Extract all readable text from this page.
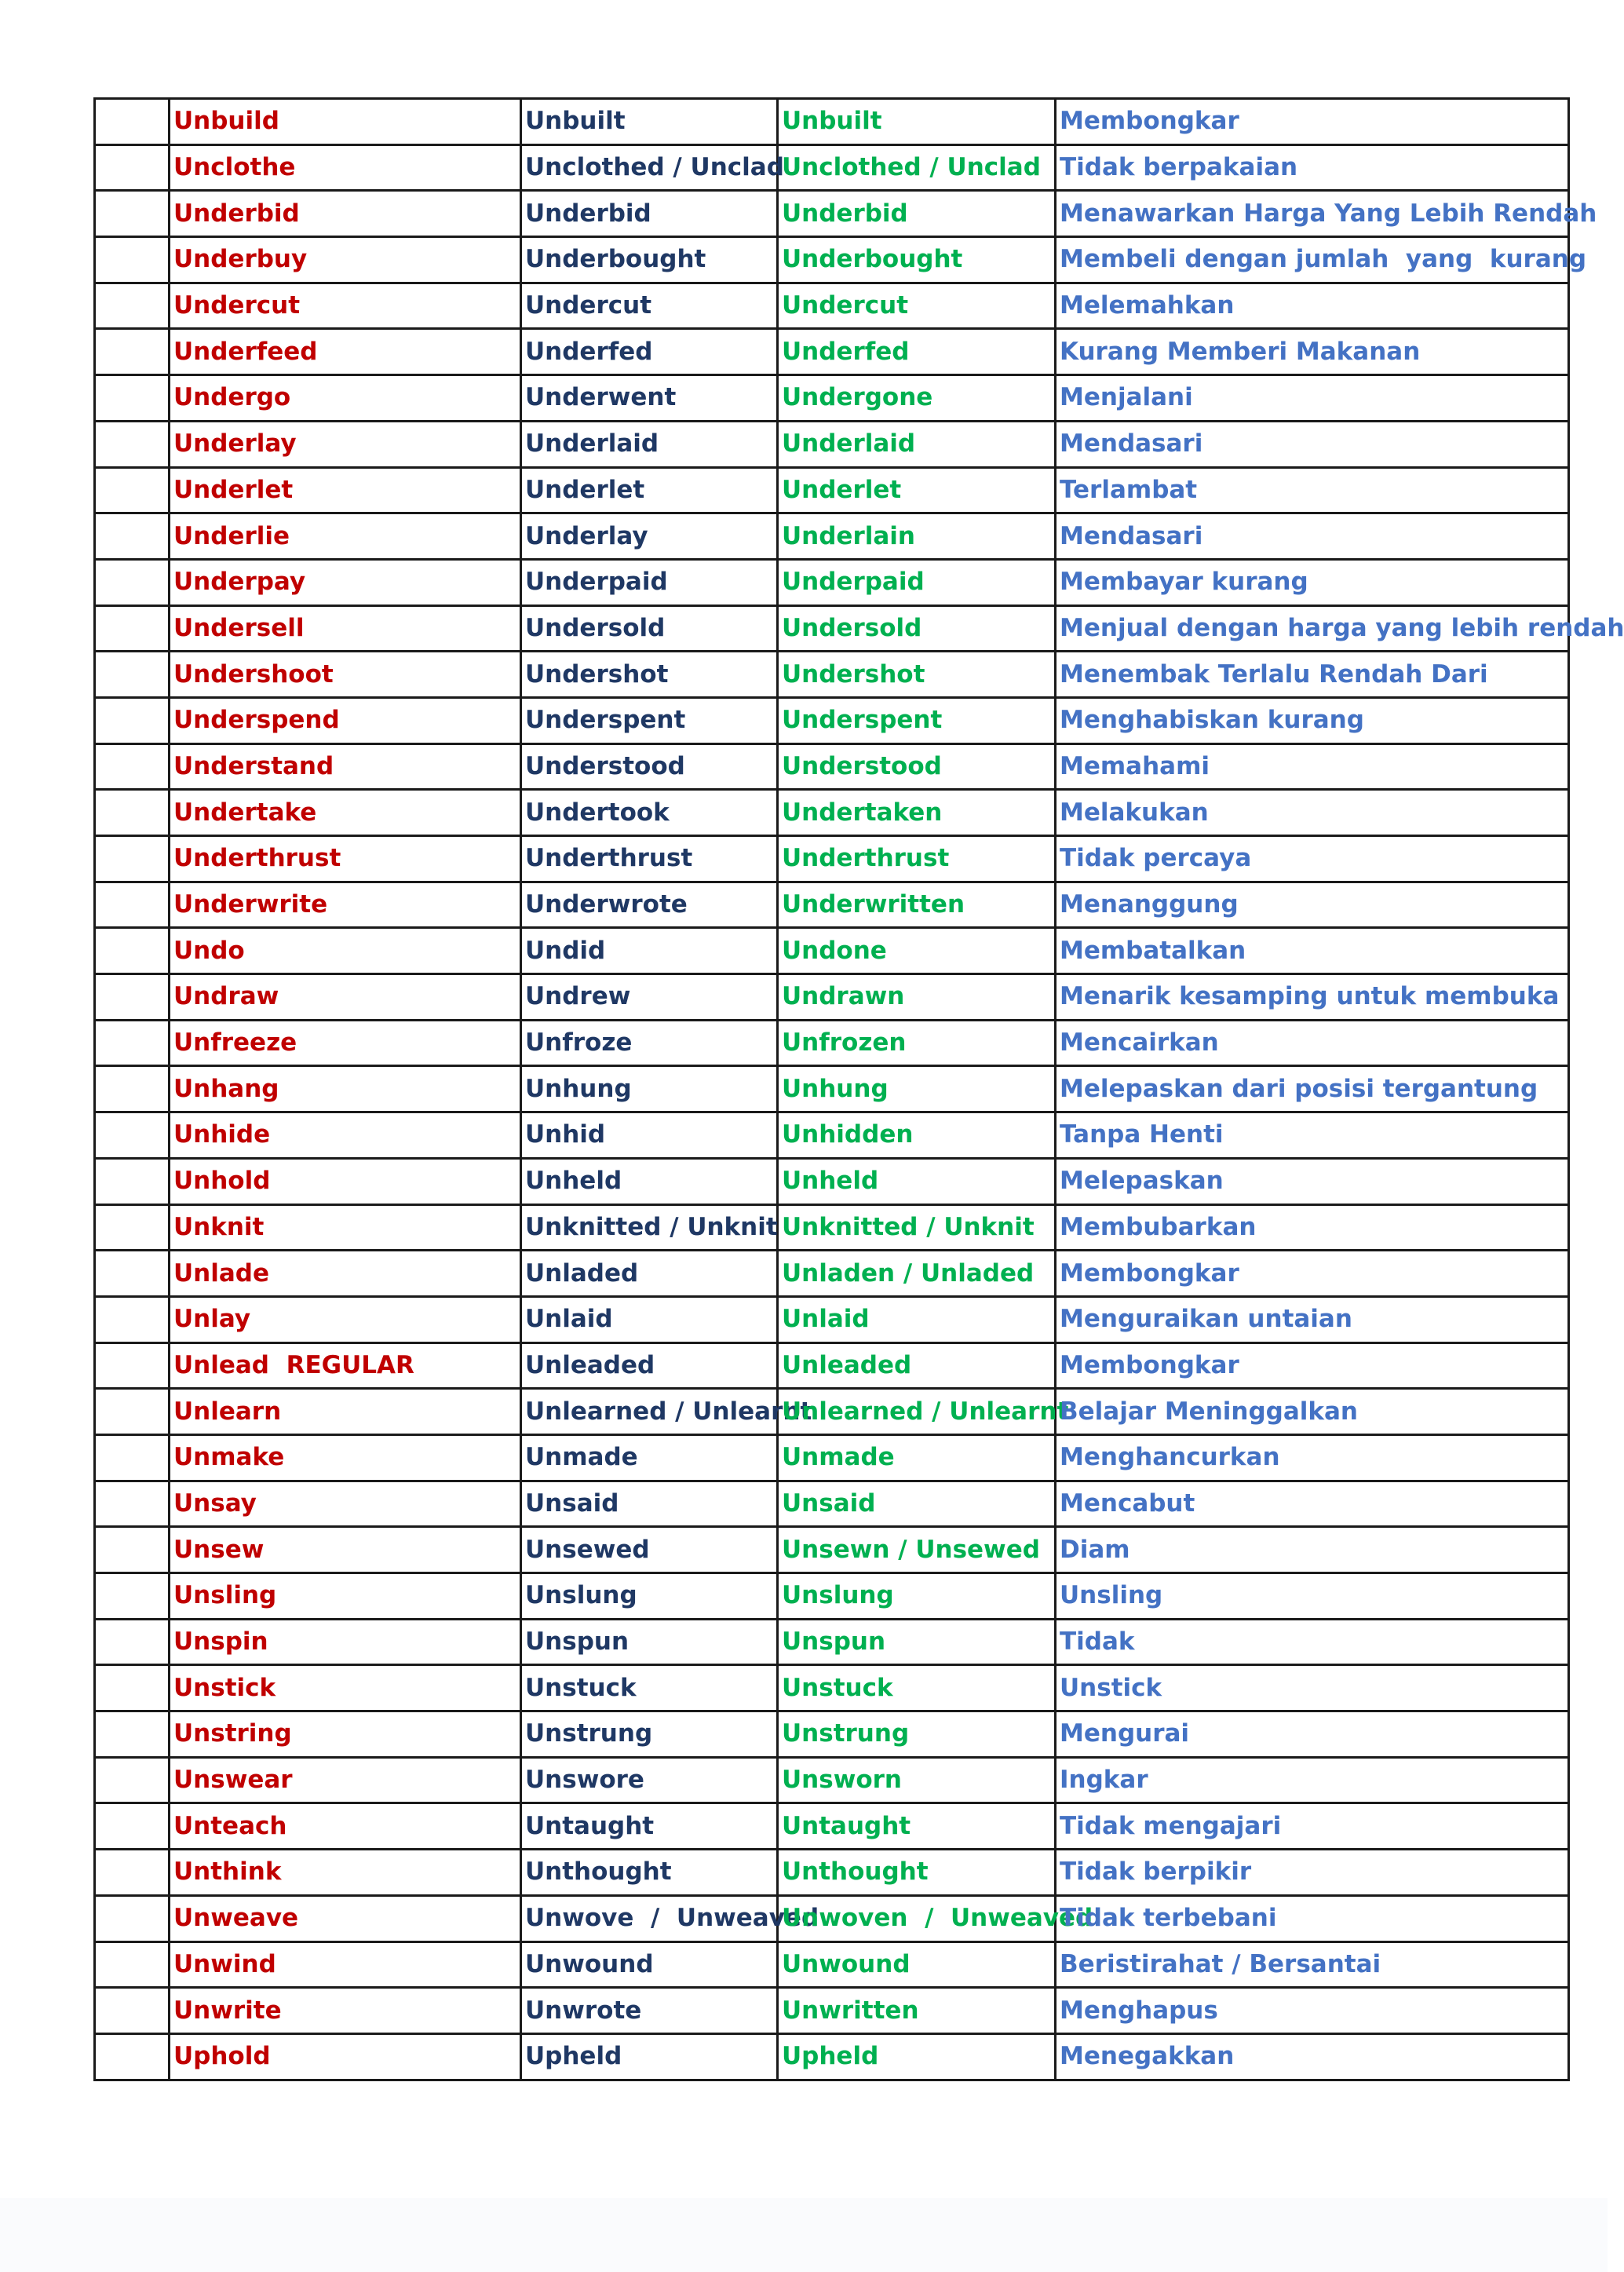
	Unbuild	Unbuilt	Unbuilt	Membongkar
	Unclothe	Unclothed / Unclad	Unclothed / Unclad	Tidak berpakaian
	Underbid	Underbid	Underbid	Menawarkan Harga Yang Lebih Rendah
	Underbuy	Underbought	Underbought	Membeli dengan jumlah  yang  kurang
	Undercut	Undercut	Undercut	Melemahkan
	Underfeed	Underfed	Underfed	Kurang Memberi Makanan
	Undergo	Underwent	Undergone	Menjalani
	Underlay	Underlaid	Underlaid	Mendasari
	Underlet	Underlet	Underlet	Terlambat
	Underlie	Underlay	Underlain	Mendasari
	Underpay	Underpaid	Underpaid	Membayar kurang
	Undersell	Undersold	Undersold	Menjual dengan harga yang lebih rendah
	Undershoot	Undershot	Undershot	Menembak Terlalu Rendah Dari
	Underspend	Underspent	Underspent	Menghabiskan kurang
	Understand	Understood	Understood	Memahami
	Undertake	Undertook	Undertaken	Melakukan
	Underthrust	Underthrust	Underthrust	Tidak percaya
	Underwrite	Underwrote	Underwritten	Menanggung
	Undo	Undid	Undone	Membatalkan
	Undraw	Undrew	Undrawn	Menarik kesamping untuk membuka
	Unfreeze	Unfroze	Unfrozen	Mencairkan
	Unhang	Unhung	Unhung	Melepaskan dari posisi tergantung
	Unhide	Unhid	Unhidden	Tanpa Henti
	Unhold	Unheld	Unheld	Melepaskan
	Unknit	Unknitted / Unknit	Unknitted / Unknit	Membubarkan
	Unlade	Unladed	Unladen / Unladed	Membongkar
	Unlay	Unlaid	Unlaid	Menguraikan untaian
	Unlead  REGULAR	Unleaded	Unleaded	Membongkar
	Unlearn	Unlearned / Unlearnt	Unlearned / Unlearnt	Belajar Meninggalkan
	Unmake	Unmade	Unmade	Menghancurkan
	Unsay	Unsaid	Unsaid	Mencabut
	Unsew	Unsewed	Unsewn / Unsewed	Diam
	Unsling	Unslung	Unslung	Unsling
	Unspin	Unspun	Unspun	Tidak
	Unstick	Unstuck	Unstuck	Unstick
	Unstring	Unstrung	Unstrung	Mengurai
	Unswear	Unswore	Unsworn	Ingkar
	Unteach	Untaught	Untaught	Tidak mengajari
	Unthink	Unthought	Unthought	Tidak berpikir
	Unweave	Unwove  /  Unweaved	Unwoven  /  Unweaved	Tidak terbebani
	Unwind	Unwound	Unwound	Beristirahat / Bersantai
	Unwrite	Unwrote	Unwritten	Menghapus
	Uphold	Upheld	Upheld	Menegakkan
